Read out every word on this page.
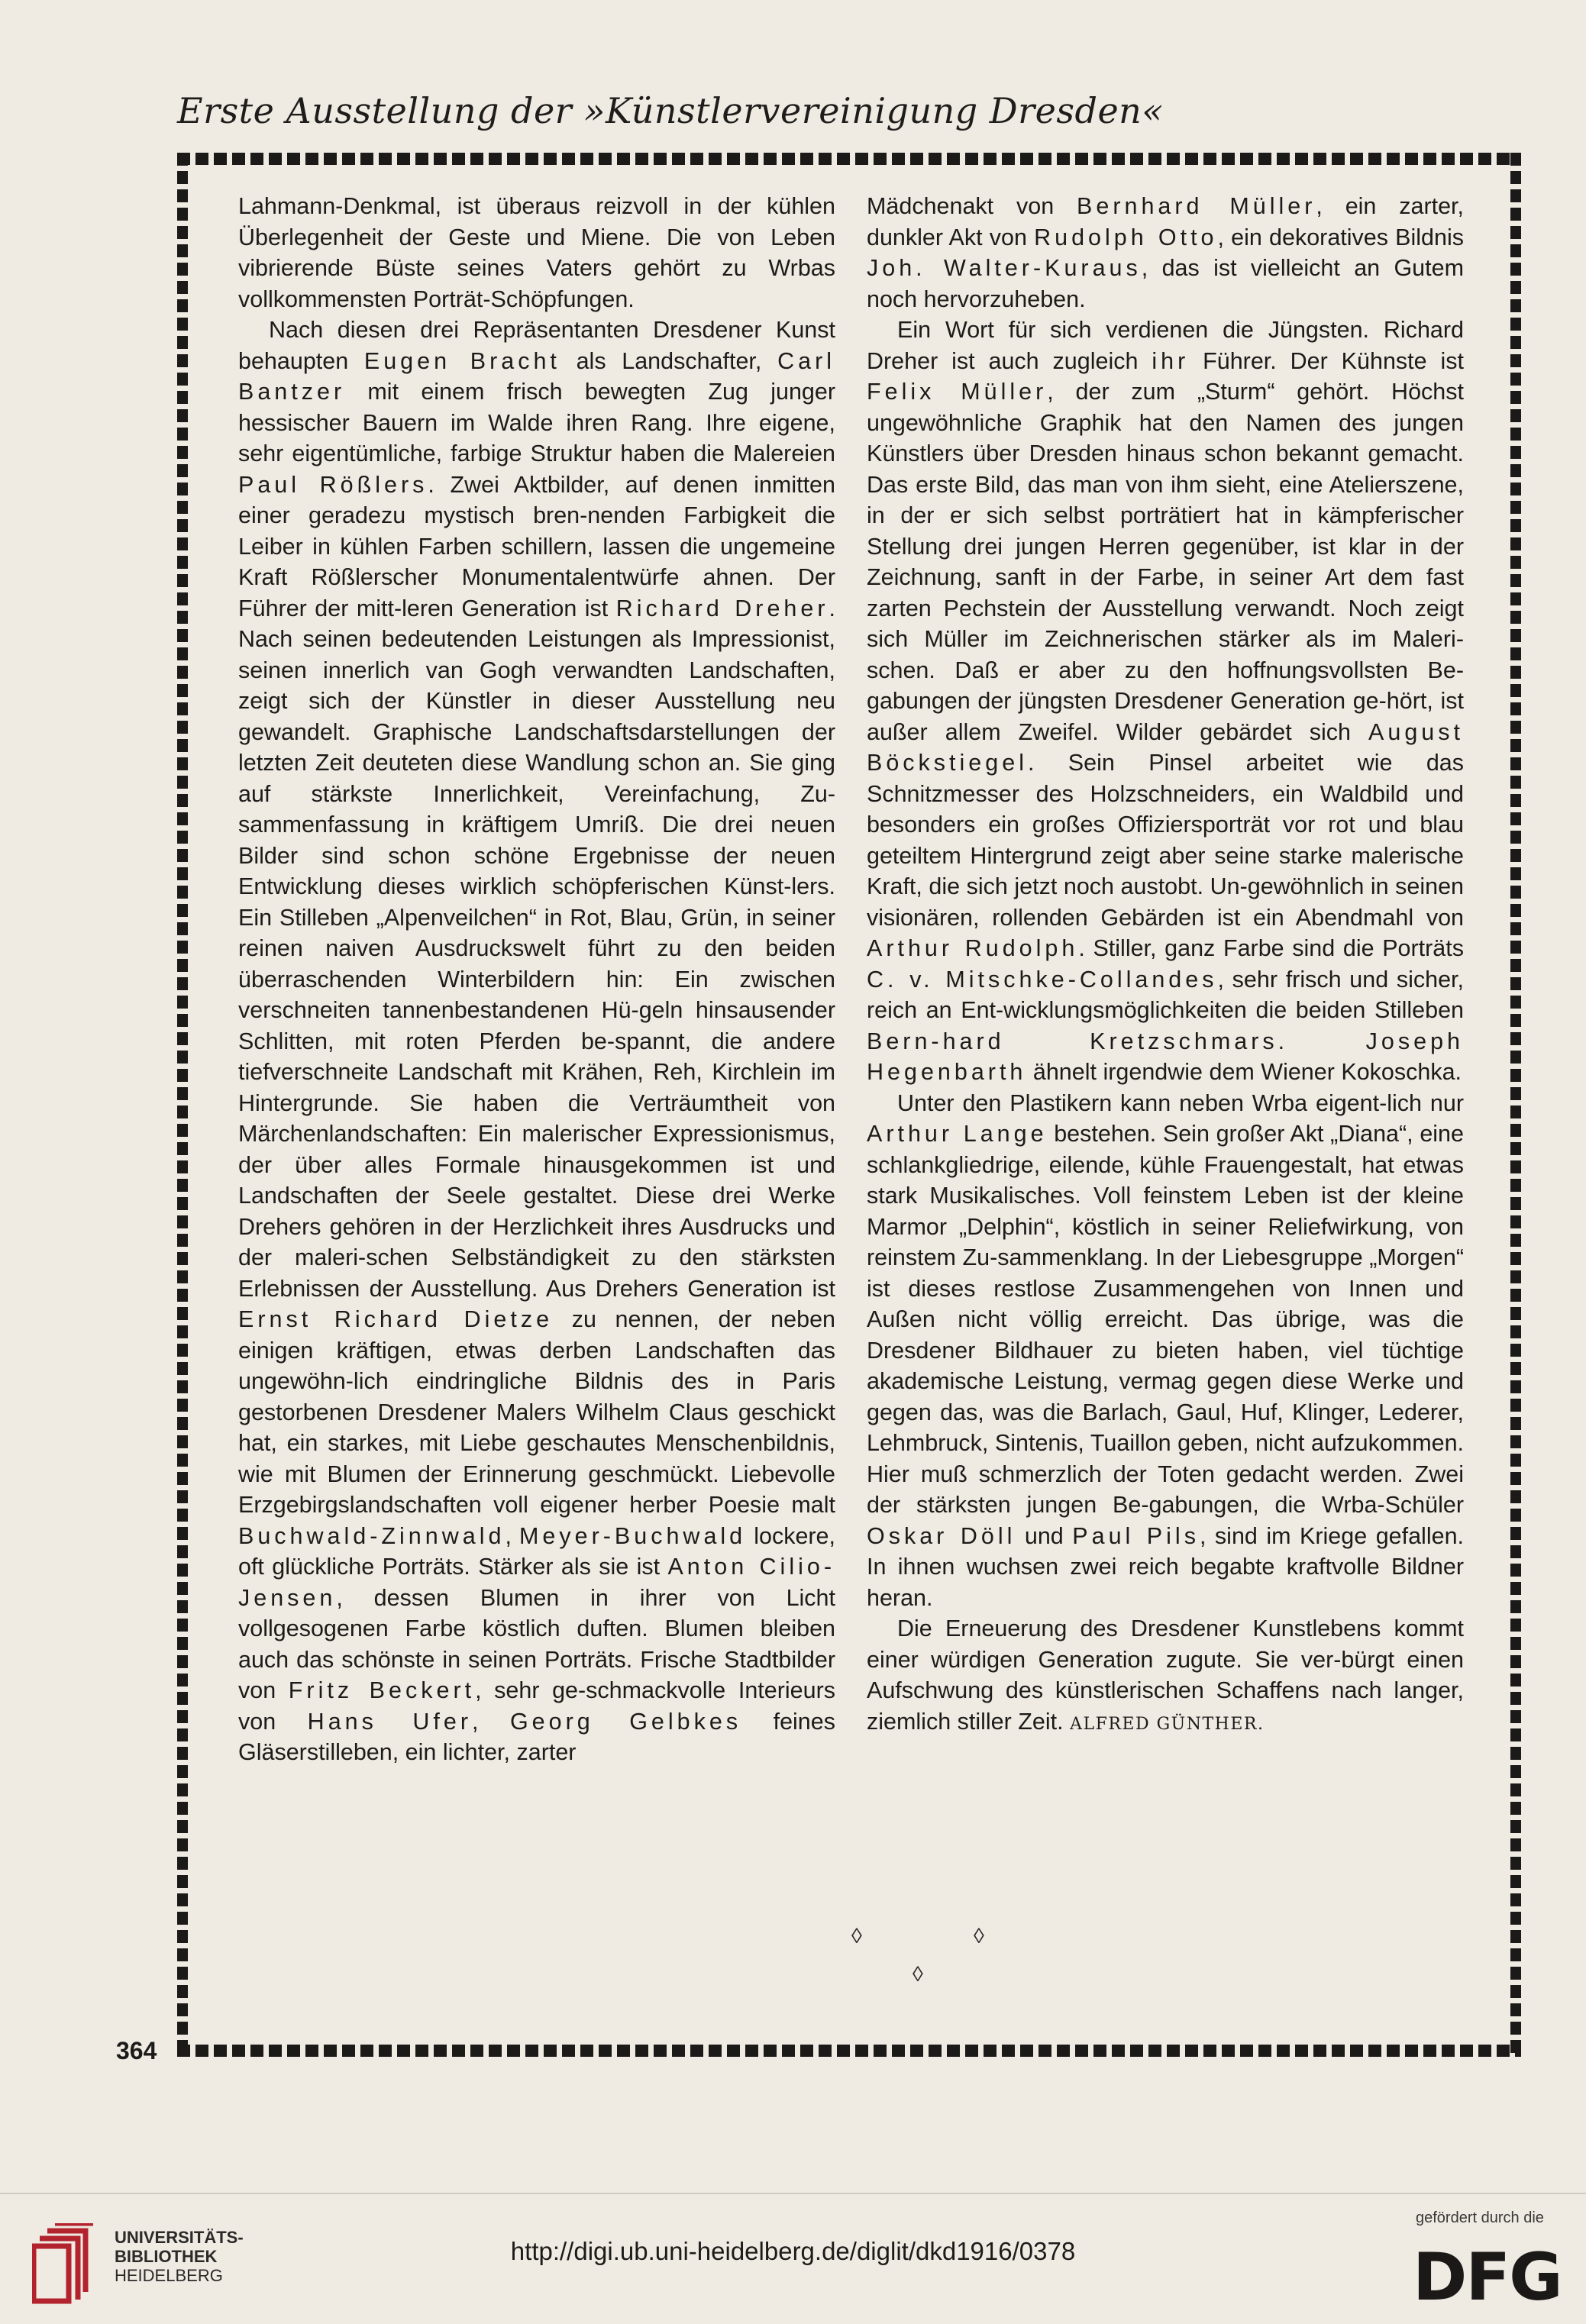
Erste Ausstellung der »Künstlervereinigung Dresden«

Lahmann-Denkmal, ist überaus reizvoll in der kühlen Überlegenheit der Geste und Miene. Die von Leben vibrierende Büste seines Vaters gehört zu Wrbas vollkommensten Porträt-Schöpfungen.

Nach diesen drei Repräsentanten Dresdener Kunst behaupten Eugen Bracht als Landschafter, Carl Bantzer mit einem frisch bewegten Zug junger hessischer Bauern im Walde ihren Rang. Ihre eigene, sehr eigentümliche, farbige Struktur haben die Malereien Paul Rößlers. Zwei Aktbilder, auf denen inmitten einer geradezu mystisch bren-nenden Farbigkeit die Leiber in kühlen Farben schillern, lassen die ungemeine Kraft Rößlerscher Monumentalentwürfe ahnen. Der Führer der mitt-leren Generation ist Richard Dreher. Nach seinen bedeutenden Leistungen als Impressionist, seinen innerlich van Gogh verwandten Landschaften, zeigt sich der Künstler in dieser Ausstellung neu gewandelt. Graphische Landschaftsdarstellungen der letzten Zeit deuteten diese Wandlung schon an. Sie ging auf stärkste Innerlichkeit, Vereinfachung, Zu-sammenfassung in kräftigem Umriß. Die drei neuen Bilder sind schon schöne Ergebnisse der neuen Entwicklung dieses wirklich schöpferischen Künst-lers. Ein Stilleben „Alpenveilchen“ in Rot, Blau, Grün, in seiner reinen naiven Ausdruckswelt führt zu den beiden überraschenden Winterbildern hin: Ein zwischen verschneiten tannenbestandenen Hü-geln hinsausender Schlitten, mit roten Pferden be-spannt, die andere tiefverschneite Landschaft mit Krähen, Reh, Kirchlein im Hintergrunde. Sie haben die Verträumtheit von Märchenlandschaften: Ein malerischer Expressionismus, der über alles Formale hinausgekommen ist und Landschaften der Seele gestaltet. Diese drei Werke Drehers gehören in der Herzlichkeit ihres Ausdrucks und der maleri-schen Selbständigkeit zu den stärksten Erlebnissen der Ausstellung. Aus Drehers Generation ist Ernst Richard Dietze zu nennen, der neben einigen kräftigen, etwas derben Landschaften das ungewöhn-lich eindringliche Bildnis des in Paris gestorbenen Dresdener Malers Wilhelm Claus geschickt hat, ein starkes, mit Liebe geschautes Menschenbildnis, wie mit Blumen der Erinnerung geschmückt. Liebevolle Erzgebirgslandschaften voll eigener herber Poesie malt Buchwald-Zinnwald, Meyer-Buchwald lockere, oft glückliche Porträts. Stärker als sie ist Anton Cilio-Jensen, dessen Blumen in ihrer von Licht vollgesogenen Farbe köstlich duften. Blumen bleiben auch das schönste in seinen Porträts. Frische Stadtbilder von Fritz Beckert, sehr ge-schmackvolle Interieurs von Hans Ufer, Georg Gelbkes feines Gläserstilleben, ein lichter, zarter

Mädchenakt von Bernhard Müller, ein zarter, dunkler Akt von Rudolph Otto, ein dekoratives Bildnis Joh. Walter-Kuraus, das ist vielleicht an Gutem noch hervorzuheben.

Ein Wort für sich verdienen die Jüngsten. Richard Dreher ist auch zugleich ihr Führer. Der Kühnste ist Felix Müller, der zum „Sturm“ gehört. Höchst ungewöhnliche Graphik hat den Namen des jungen Künstlers über Dresden hinaus schon bekannt gemacht. Das erste Bild, das man von ihm sieht, eine Atelierszene, in der er sich selbst porträtiert hat in kämpferischer Stellung drei jungen Herren gegenüber, ist klar in der Zeichnung, sanft in der Farbe, in seiner Art dem fast zarten Pechstein der Ausstellung verwandt. Noch zeigt sich Müller im Zeichnerischen stärker als im Maleri-schen. Daß er aber zu den hoffnungsvollsten Be-gabungen der jüngsten Dresdener Generation ge-hört, ist außer allem Zweifel. Wilder gebärdet sich August Böckstiegel. Sein Pinsel arbeitet wie das Schnitzmesser des Holzschneiders, ein Waldbild und besonders ein großes Offiziersporträt vor rot und blau geteiltem Hintergrund zeigt aber seine starke malerische Kraft, die sich jetzt noch austobt. Un-gewöhnlich in seinen visionären, rollenden Gebärden ist ein Abendmahl von Arthur Rudolph. Stiller, ganz Farbe sind die Porträts C. v. Mitschke-Collandes, sehr frisch und sicher, reich an Ent-wicklungsmöglichkeiten die beiden Stilleben Bern-hard Kretzschmars. Joseph Hegenbarth ähnelt irgendwie dem Wiener Kokoschka.

Unter den Plastikern kann neben Wrba eigent-lich nur Arthur Lange bestehen. Sein großer Akt „Diana“, eine schlankgliedrige, eilende, kühle Frauengestalt, hat etwas stark Musikalisches. Voll feinstem Leben ist der kleine Marmor „Delphin“, köstlich in seiner Reliefwirkung, von reinstem Zu-sammenklang. In der Liebesgruppe „Morgen“ ist dieses restlose Zusammengehen von Innen und Außen nicht völlig erreicht. Das übrige, was die Dresdener Bildhauer zu bieten haben, viel tüchtige akademische Leistung, vermag gegen diese Werke und gegen das, was die Barlach, Gaul, Huf, Klinger, Lederer, Lehmbruck, Sintenis, Tuaillon geben, nicht aufzukommen. Hier muß schmerzlich der Toten gedacht werden. Zwei der stärksten jungen Be-gabungen, die Wrba-Schüler Oskar Döll und Paul Pils, sind im Kriege gefallen. In ihnen wuchsen zwei reich begabte kraftvolle Bildner heran.

Die Erneuerung des Dresdener Kunstlebens kommt einer würdigen Generation zugute. Sie ver-bürgt einen Aufschwung des künstlerischen Schaffens nach langer, ziemlich stiller Zeit. ALFRED GÜNTHER.

◊	◊
◊
364
UNIVERSITÄTS-
BIBLIOTHEK
HEIDELBERG
http://digi.ub.uni-heidelberg.de/diglit/dkd1916/0378
gefördert durch die
DFG
